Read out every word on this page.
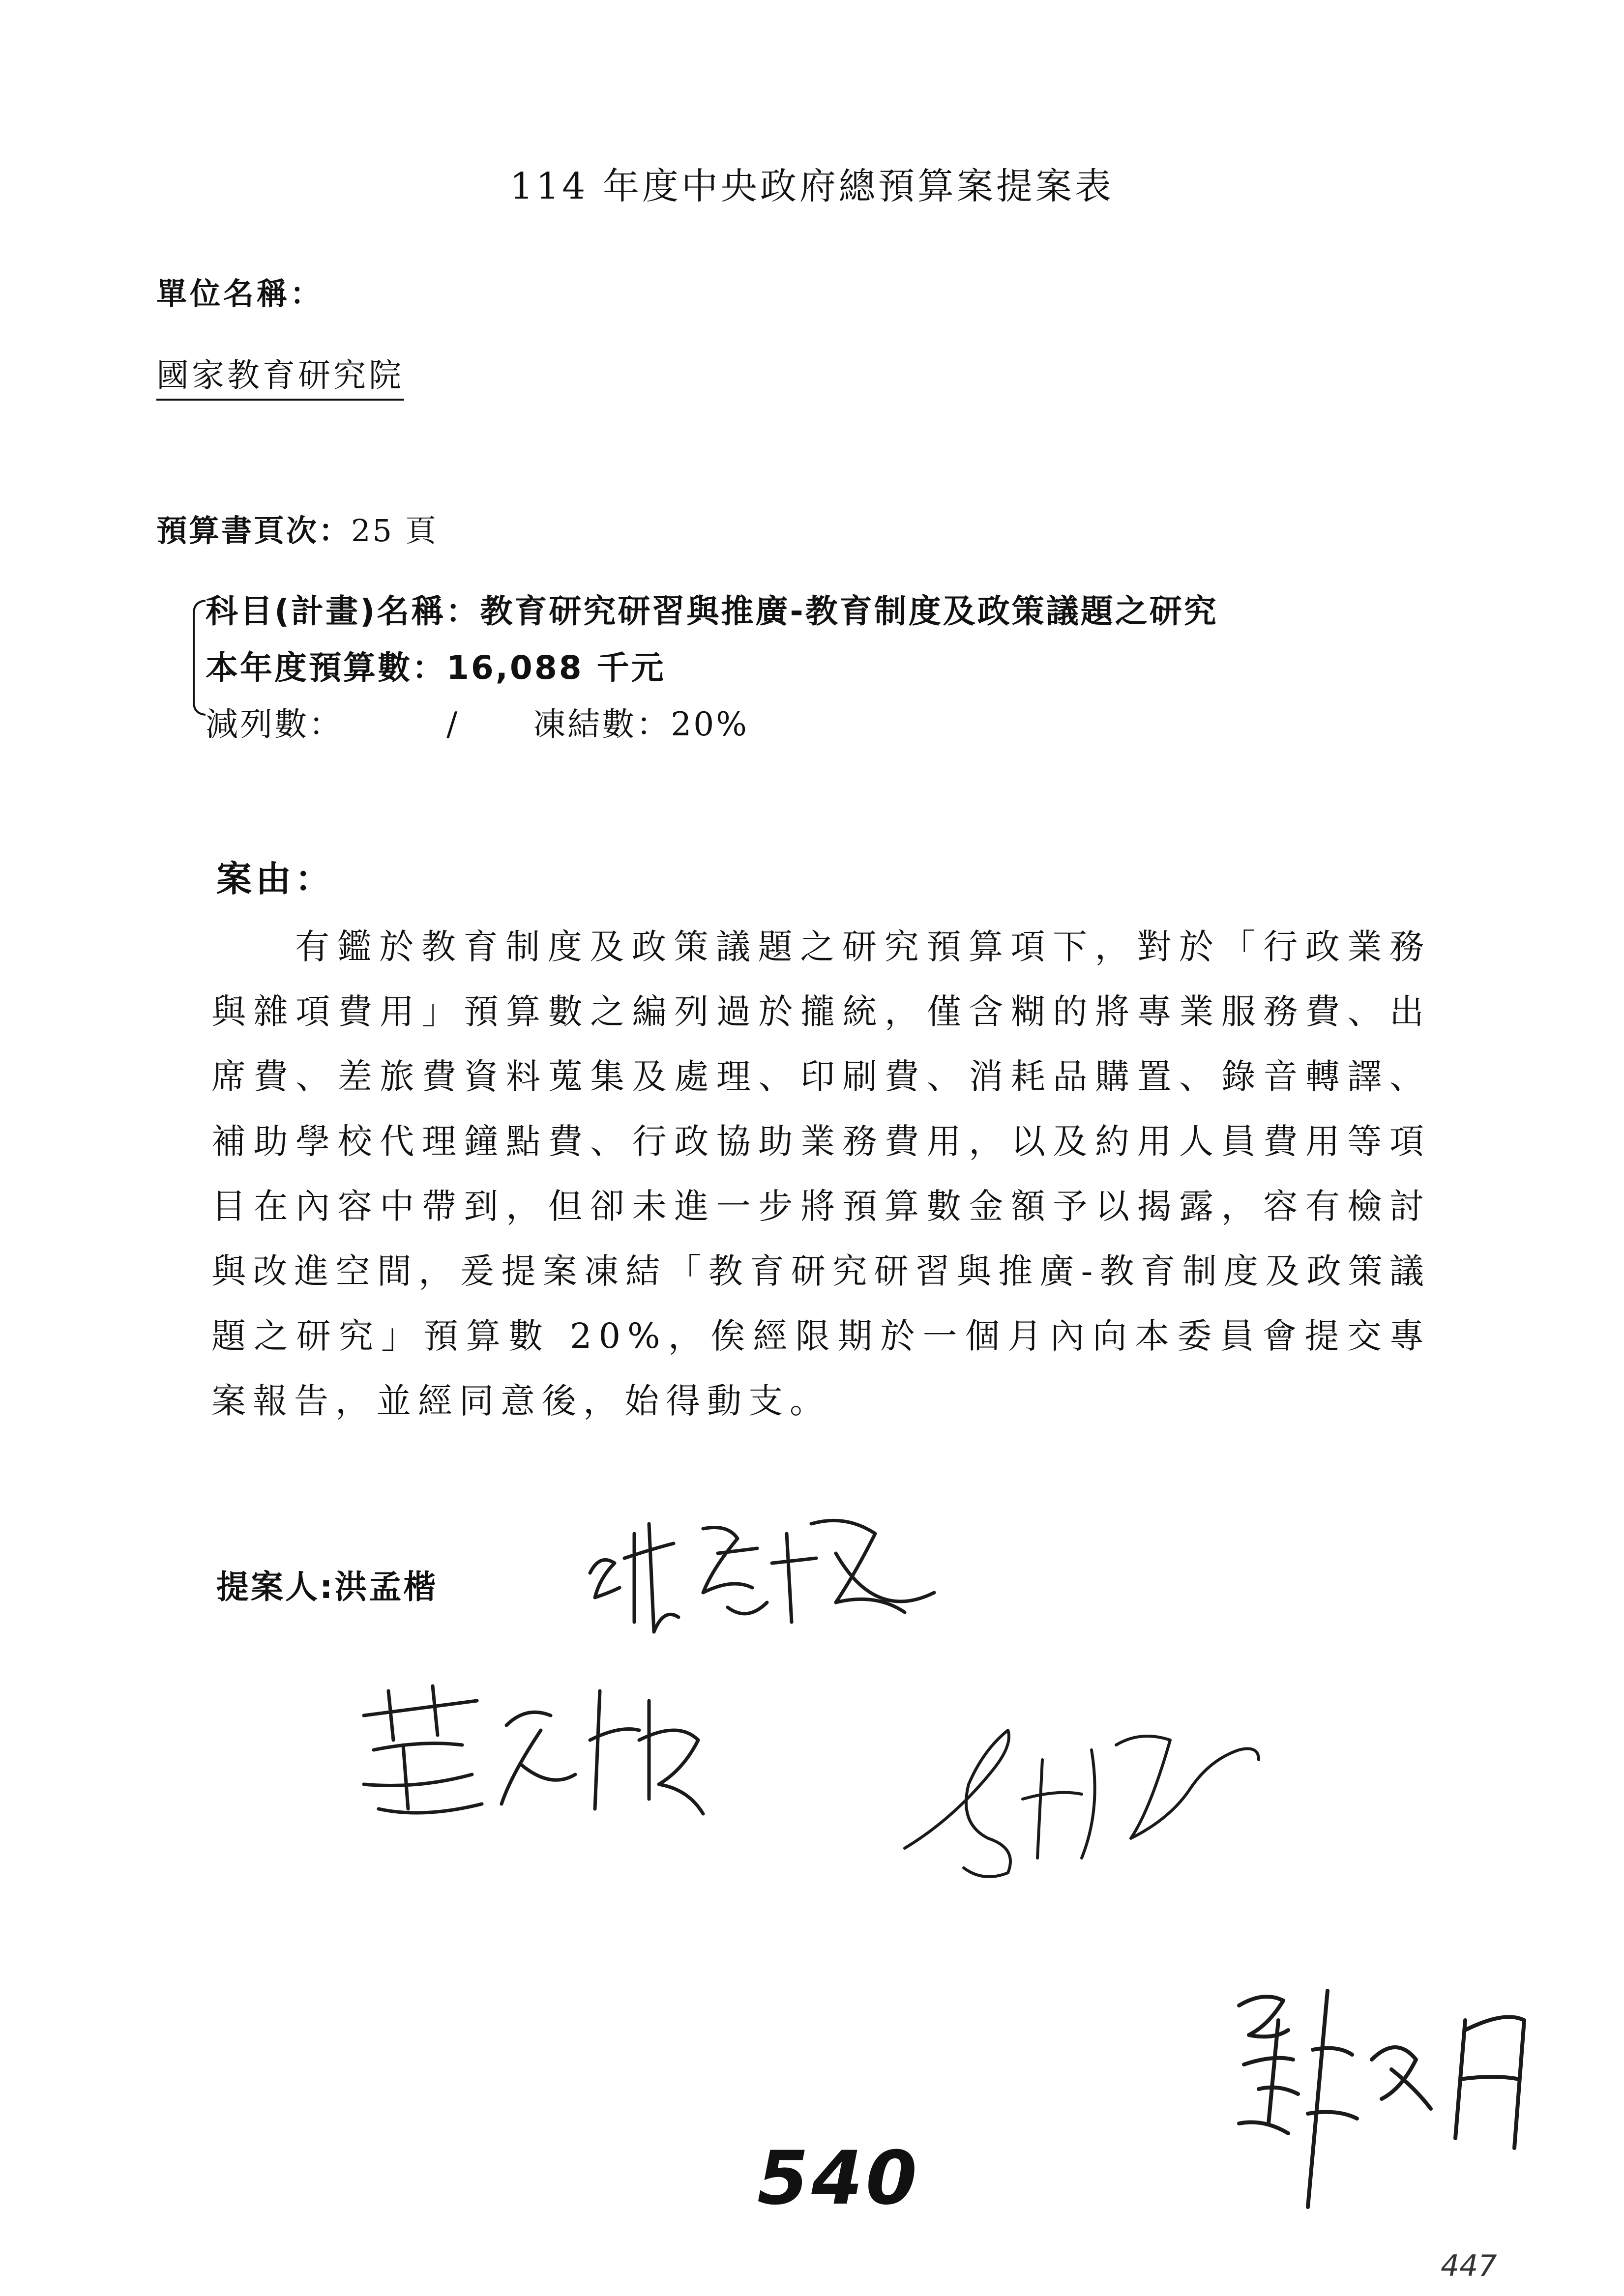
114 年度中央政府總預算案提案表
單位名稱：
國家教育研究院
預算書頁次：25 頁
科目(計畫)名稱：教育研究研習與推廣-教育制度及政策議題之研究
本年度預算數：16,088 千元
減列數：	/ 凍結數：20%
案由：
有鑑於教育制度及政策議題之研究預算項下，對於「行政業務與雜項費用」預算數之編列過於攏統，僅含糊的將專業服務費、出席費、差旅費資料蒐集及處理、印刷費、消耗品購置、錄音轉譯、補助學校代理鐘點費、行政協助業務費用，以及約用人員費用等項目在內容中帶到，但卻未進一步將預算數金額予以揭露，容有檢討與改進空間，爰提案凍結「教育研究研習與推廣-教育制度及政策議題之研究」預算數 20%，俟經限期於一個月內向本委員會提交專案報告，並經同意後，始得動支。
提案人:洪孟楷
540
447
